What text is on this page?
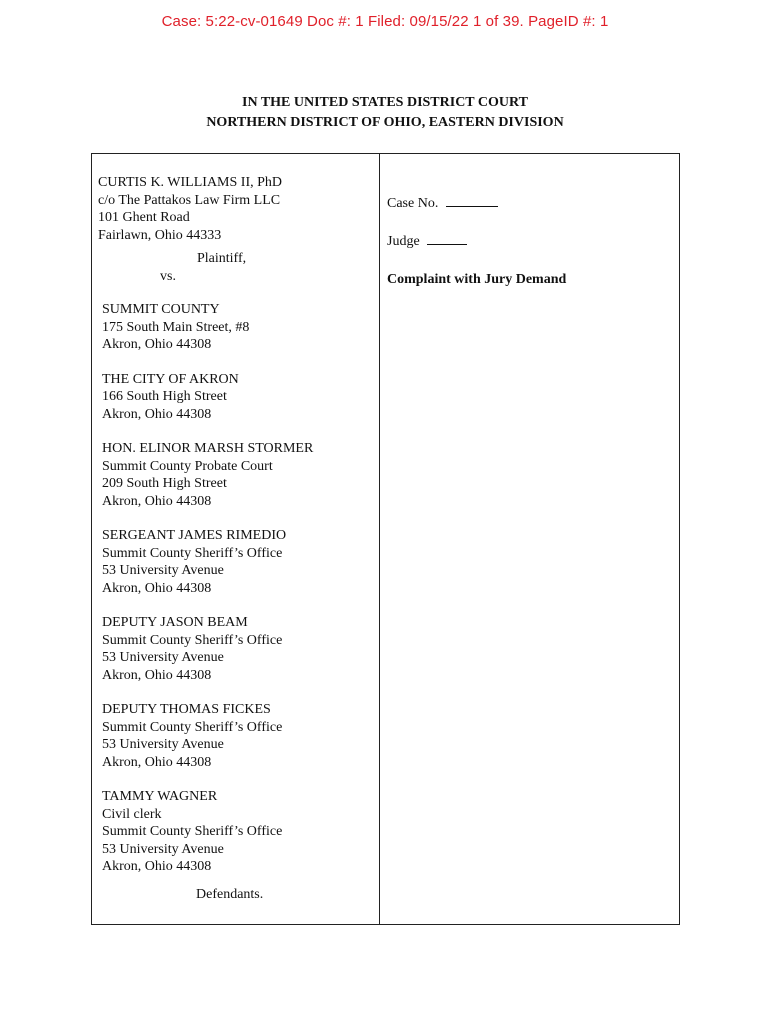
Case: 5:22-cv-01649 Doc #: 1 Filed: 09/15/22 1 of 39. PageID #: 1
IN THE UNITED STATES DISTRICT COURT
NORTHERN DISTRICT OF OHIO, EASTERN DIVISION
CURTIS K. WILLIAMS II, PhD
c/o The Pattakos Law Firm LLC
101 Ghent Road
Fairlawn, Ohio 44333
Plaintiff,
vs.
SUMMIT COUNTY
175 South Main Street, #8
Akron, Ohio 44308
THE CITY OF AKRON
166 South High Street
Akron, Ohio 44308
HON. ELINOR MARSH STORMER
Summit County Probate Court
209 South High Street
Akron, Ohio 44308
SERGEANT JAMES RIMEDIO
Summit County Sheriff’s Office
53 University Avenue
Akron, Ohio 44308
DEPUTY JASON BEAM
Summit County Sheriff’s Office
53 University Avenue
Akron, Ohio 44308
DEPUTY THOMAS FICKES
Summit County Sheriff’s Office
53 University Avenue
Akron, Ohio 44308
TAMMY WAGNER
Civil clerk
Summit County Sheriff’s Office
53 University Avenue
Akron, Ohio 44308
Defendants.
Case No.
Judge
Complaint with Jury Demand
